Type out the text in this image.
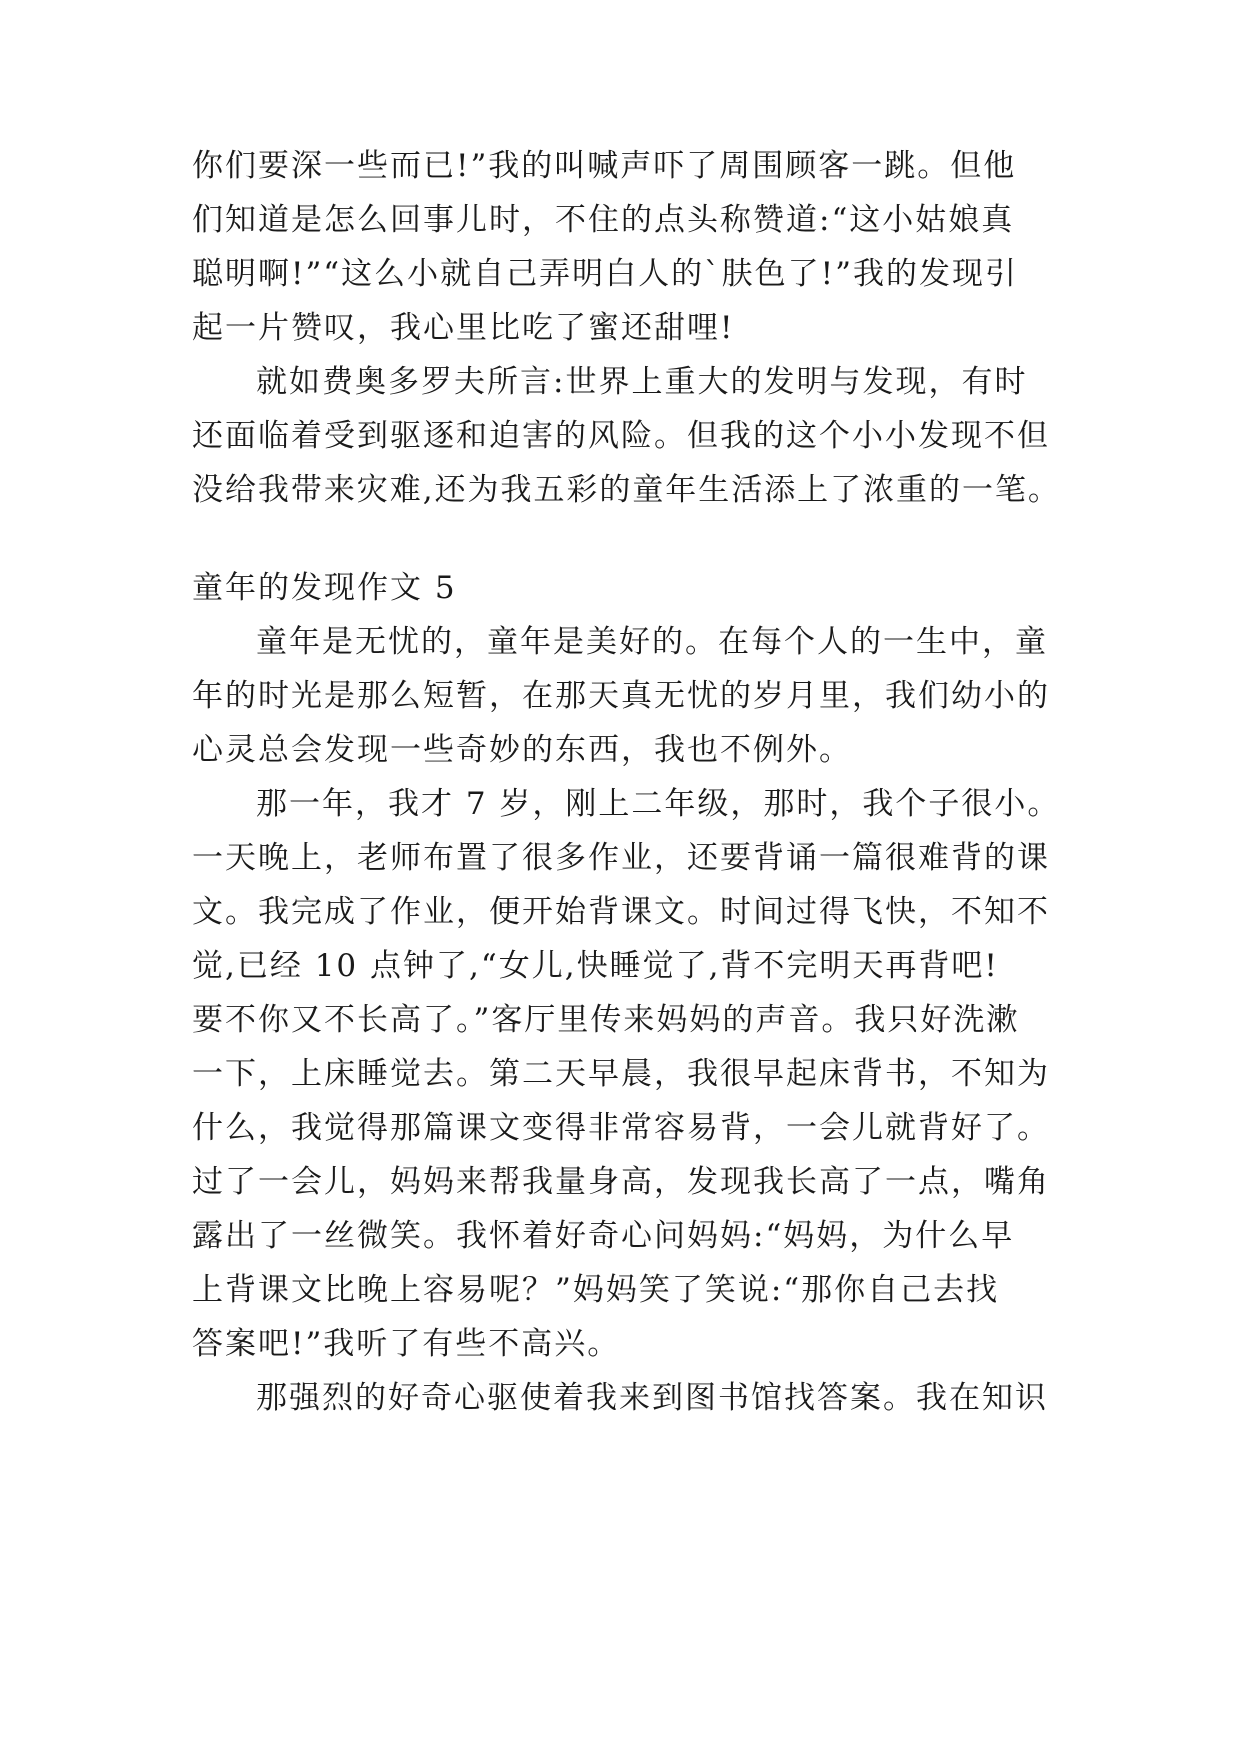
你们要深一些而已!”我的叫喊声吓了周围顾客一跳。但他
们知道是怎么回事儿时，不住的点头称赞道:“这小姑娘真
聪明啊!”“这么小就自己弄明白人的`肤色了!”我的发现引
起一片赞叹，我心里比吃了蜜还甜哩!
就如费奥多罗夫所言:世界上重大的发明与发现，有时
还面临着受到驱逐和迫害的风险。但我的这个小小发现不但
没给我带来灾难,还为我五彩的童年生活添上了浓重的一笔。
童年的发现作文 5
童年是无忧的，童年是美好的。在每个人的一生中，童
年的时光是那么短暂，在那天真无忧的岁月里，我们幼小的
心灵总会发现一些奇妙的东西，我也不例外。
那一年，我才 7 岁，刚上二年级，那时，我个子很小。
一天晚上，老师布置了很多作业，还要背诵一篇很难背的课
文。我完成了作业，便开始背课文。时间过得飞快，不知不
觉,已经 10 点钟了,“女儿,快睡觉了,背不完明天再背吧!
要不你又不长高了。”客厅里传来妈妈的声音。我只好洗漱
一下，上床睡觉去。第二天早晨，我很早起床背书，不知为
什么，我觉得那篇课文变得非常容易背，一会儿就背好了。
过了一会儿，妈妈来帮我量身高，发现我长高了一点，嘴角
露出了一丝微笑。我怀着好奇心问妈妈:“妈妈，为什么早
上背课文比晚上容易呢？”妈妈笑了笑说:“那你自己去找
答案吧!”我听了有些不高兴。
那强烈的好奇心驱使着我来到图书馆找答案。我在知识
